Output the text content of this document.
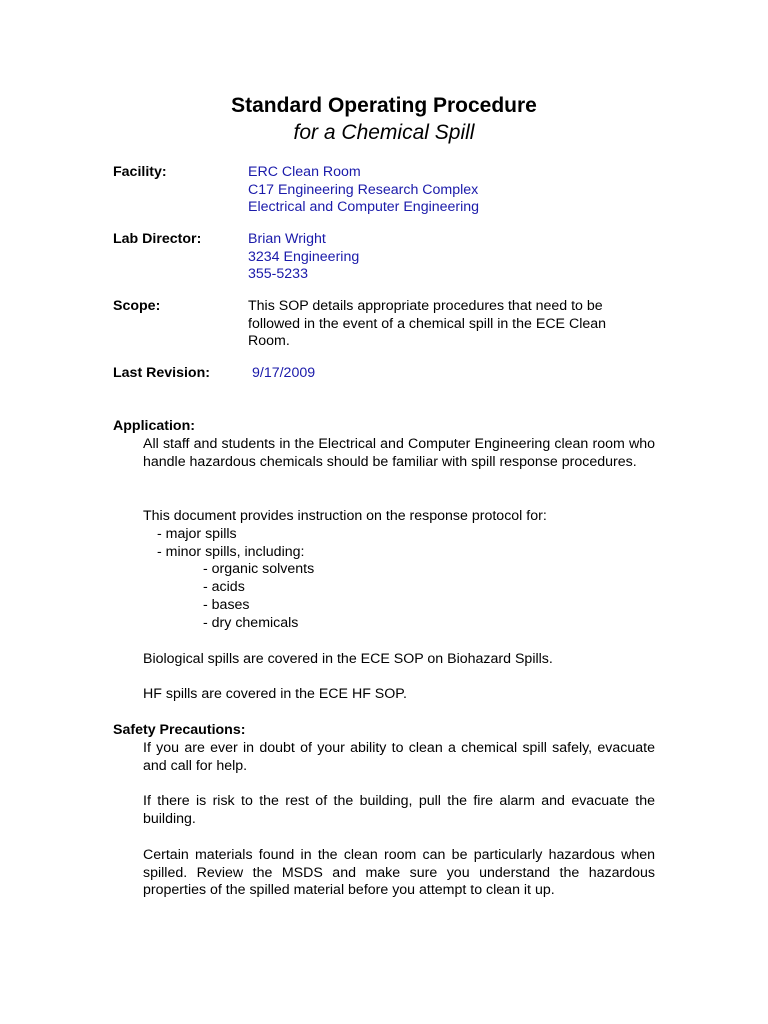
Standard Operating Procedure
for a Chemical Spill
Facility:	ERC Clean Room
C17 Engineering Research Complex
Electrical and Computer Engineering
Lab Director:	Brian Wright
3234 Engineering
355-5233
Scope:	This SOP details appropriate procedures that need to be
followed in the event of a chemical spill in the ECE Clean
Room.
Last Revision:	9/17/2009
Application:
All staff and students in the Electrical and Computer Engineering clean room who handle hazardous chemicals should be familiar with spill response procedures.
This document provides instruction on the response protocol for:
- major spills
- minor spills, including:
- organic solvents
- acids
- bases
- dry chemicals
Biological spills are covered in the ECE SOP on Biohazard Spills.
HF spills are covered in the ECE HF SOP.
Safety Precautions:
If you are ever in doubt of your ability to clean a chemical spill safely, evacuate and call for help.
If there is risk to the rest of the building, pull the fire alarm and evacuate the building.
Certain materials found in the clean room can be particularly hazardous when spilled. Review the MSDS and make sure you understand the hazardous properties of the spilled material before you attempt to clean it up.
